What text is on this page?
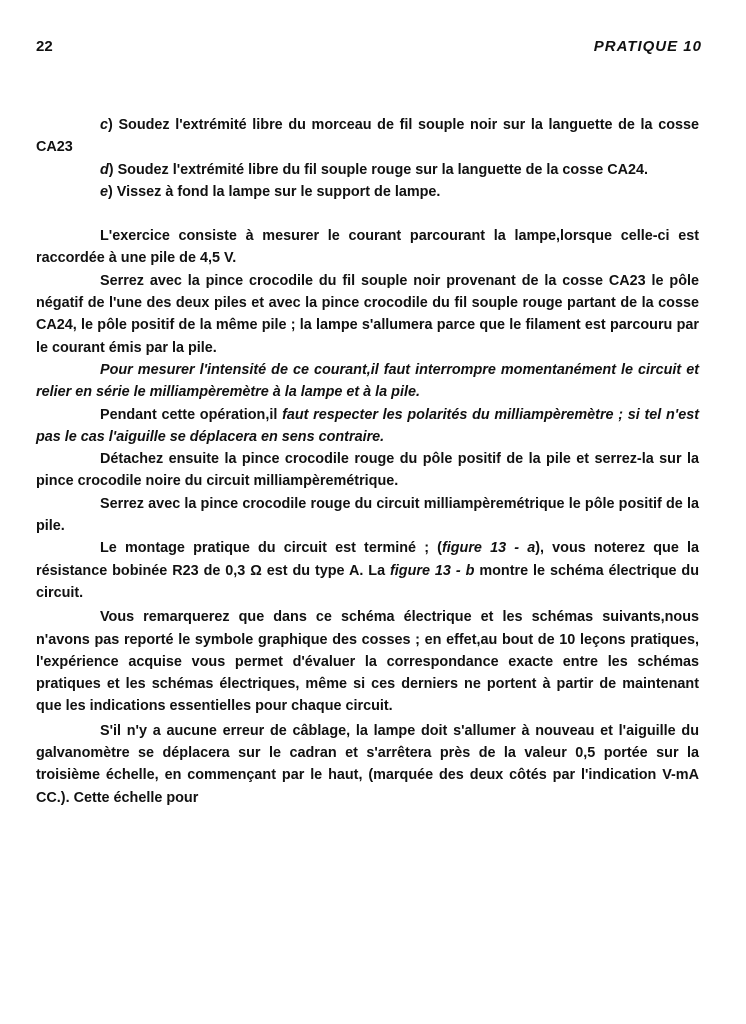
22	PRATIQUE 10

c) Soudez l'extrémité libre du morceau de fil souple noir sur la languette de la cosse CA23

d) Soudez l'extrémité libre du fil souple rouge sur la languette de la cosse CA24.

e) Vissez à fond la lampe sur le support de lampe.

L'exercice consiste à mesurer le courant parcourant la lampe,lorsque celle-ci est raccordée à une pile de 4,5 V.

Serrez avec la pince crocodile du fil souple noir provenant de la cosse CA23 le pôle négatif de l'une des deux piles et avec la pince crocodile du fil souple rouge partant de la cosse CA24, le pôle positif de la même pile ; la lampe s'allumera parce que le filament est parcouru par le courant émis par la pile.

Pour mesurer l'intensité de ce courant,il faut interrompre momentanément le circuit et relier en série le milliampèremètre à la lampe et à la pile.

Pendant cette opération,il faut respecter les polarités du milliampèremètre ; si tel n'est pas le cas l'aiguille se déplacera en sens contraire.

Détachez ensuite la pince crocodile rouge du pôle positif de la pile et serrez-la sur la pince crocodile noire du circuit milliampèremétrique.

Serrez avec la pince crocodile rouge du circuit milliampèremétrique le pôle positif de la pile.

Le montage pratique du circuit est terminé ; (figure 13 - a), vous noterez que la résistance bobinée R23 de 0,3 Ω est du type A. La figure 13 - b montre le schéma électrique du circuit.

Vous remarquerez que dans ce schéma électrique et les schémas suivants,nous n'avons pas reporté le symbole graphique des cosses ; en effet,au bout de 10 leçons pratiques, l'expérience acquise vous permet d'évaluer la correspondance exacte entre les schémas pratiques et les schémas électriques, même si ces derniers ne portent à partir de maintenant que les indications essentielles pour chaque circuit.

S'il n'y a aucune erreur de câblage, la lampe doit s'allumer à nouveau et l'aiguille du galvanomètre se déplacera sur le cadran et s'arrêtera près de la valeur 0,5 portée sur la troisième échelle, en commençant par le haut, (marquée des deux côtés par l'indication V-mA CC.). Cette échelle pour
